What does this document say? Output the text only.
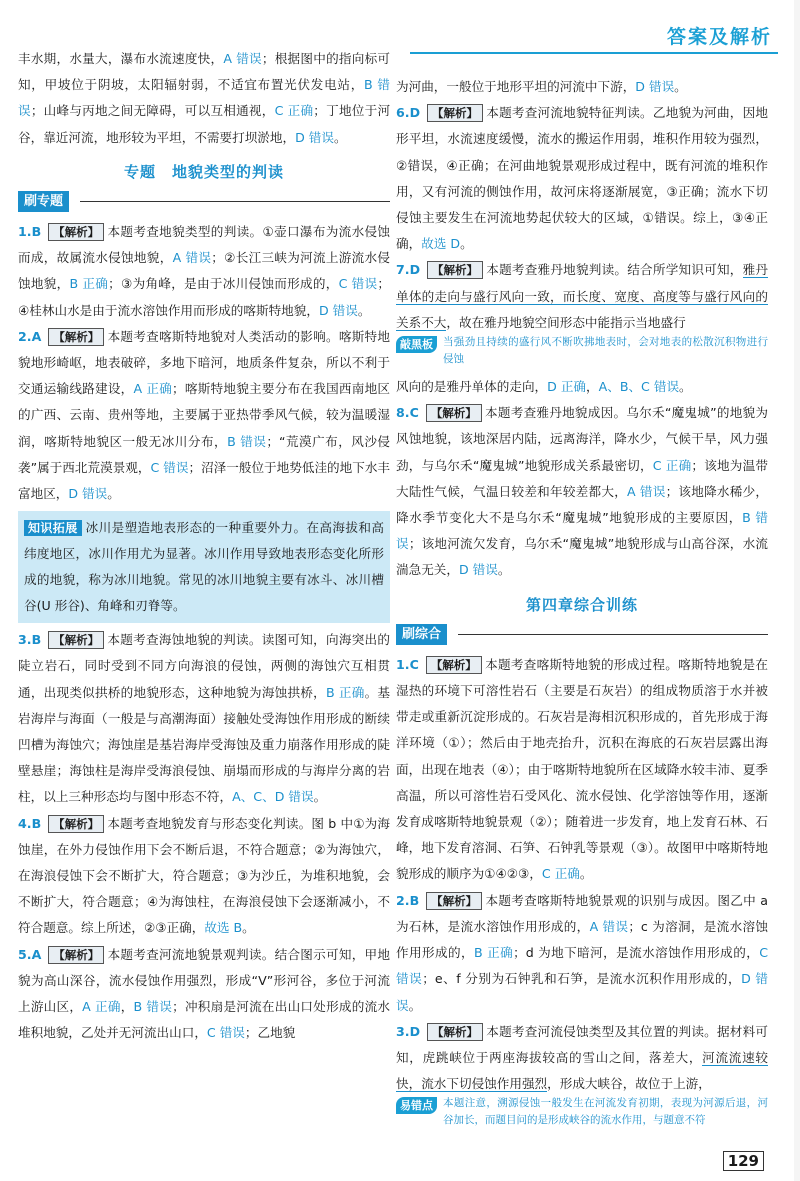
答案及解析

丰水期，水量大，瀑布水流速度快，A 错误；根据图中的指向标可知，甲坡位于阴坡，太阳辐射弱，不适宜布置光伏发电站，B 错误；山峰与丙地之间无障碍，可以互相通视，C 正确；丁地位于河谷，靠近河流，地形较为平坦，不需要打坝淤地，D 错误。

专题　地貌类型的判读
刷专题

1.B 【解析】 本题考查地貌类型的判读。①壶口瀑布为流水侵蚀而成，故属流水侵蚀地貌，A 错误；②长江三峡为河流上游流水侵蚀地貌，B 正确；③为角峰，是由于冰川侵蚀而形成的，C 错误；④桂林山水是由于流水溶蚀作用而形成的喀斯特地貌，D 错误。

2.A 【解析】 本题考查喀斯特地貌对人类活动的影响。喀斯特地貌地形崎岖，地表破碎，多地下暗河，地质条件复杂，所以不利于交通运输线路建设，A 正确；喀斯特地貌主要分布在我国西南地区的广西、云南、贵州等地，主要属于亚热带季风气候，较为温暖湿润，喀斯特地貌区一般无冰川分布，B 错误；“荒漠广布，风沙侵袭”属于西北荒漠景观，C 错误；沼泽一般位于地势低洼的地下水丰富地区，D 错误。

知识拓展 冰川是塑造地表形态的一种重要外力。在高海拔和高纬度地区，冰川作用尤为显著。冰川作用导致地表形态变化所形成的地貌，称为冰川地貌。常见的冰川地貌主要有冰斗、冰川槽谷(U 形谷)、角峰和刃脊等。

3.B 【解析】 本题考查海蚀地貌的判读。读图可知，向海突出的陡立岩石，同时受到不同方向海浪的侵蚀，两侧的海蚀穴互相贯通，出现类似拱桥的地貌形态，这种地貌为海蚀拱桥，B 正确。基岩海岸与海面（一般是与高潮海面）接触处受海蚀作用形成的断续凹槽为海蚀穴；海蚀崖是基岩海岸受海蚀及重力崩落作用形成的陡壁悬崖；海蚀柱是海岸受海浪侵蚀、崩塌而形成的与海岸分离的岩柱，以上三种形态均与图中形态不符，A、C、D 错误。

4.B 【解析】 本题考查地貌发育与形态变化判读。图 b 中①为海蚀崖，在外力侵蚀作用下会不断后退，不符合题意；②为海蚀穴，在海浪侵蚀下会不断扩大，符合题意；③为沙丘，为堆积地貌，会不断扩大，符合题意；④为海蚀柱，在海浪侵蚀下会逐渐减小，不符合题意。综上所述，②③正确，故选 B。

5.A 【解析】 本题考查河流地貌景观判读。结合图示可知，甲地貌为高山深谷，流水侵蚀作用强烈，形成“V”形河谷，多位于河流上游山区，A 正确，B 错误；冲积扇是河流在出山口处形成的流水堆积地貌，乙处并无河流出山口，C 错误；乙地貌

为河曲，一般位于地形平坦的河流中下游，D 错误。

6.D 【解析】 本题考查河流地貌特征判读。乙地貌为河曲，因地形平坦，水流速度缓慢，流水的搬运作用弱，堆积作用较为强烈，②错误，④正确；在河曲地貌景观形成过程中，既有河流的堆积作用，又有河流的侧蚀作用，故河床将逐渐展宽，③正确；流水下切侵蚀主要发生在河流地势起伏较大的区域，①错误。综上，③④正确，故选 D。

7.D 【解析】 本题考查雅丹地貌判读。结合所学知识可知，雅丹单体的走向与盛行风向一致，而长度、宽度、高度等与盛行风向的关系不大，故在雅丹地貌空间形态中能指示当地盛行

敲黑板 当强劲且持续的盛行风不断吹拂地表时，会对地表的松散沉积物进行侵蚀

风向的是雅丹单体的走向，D 正确，A、B、C 错误。

8.C 【解析】 本题考查雅丹地貌成因。乌尔禾“魔鬼城”的地貌为风蚀地貌，该地深居内陆，远离海洋，降水少，气候干旱，风力强劲，与乌尔禾“魔鬼城”地貌形成关系最密切，C 正确；该地为温带大陆性气候，气温日较差和年较差都大，A 错误；该地降水稀少，降水季节变化大不是乌尔禾“魔鬼城”地貌形成的主要原因，B 错误；该地河流欠发育，乌尔禾“魔鬼城”地貌形成与山高谷深，水流湍急无关，D 错误。

第四章综合训练
刷综合

1.C 【解析】 本题考查喀斯特地貌的形成过程。喀斯特地貌是在湿热的环境下可溶性岩石（主要是石灰岩）的组成物质溶于水并被带走或重新沉淀形成的。石灰岩是海相沉积形成的，首先形成于海洋环境（①）；然后由于地壳抬升，沉积在海底的石灰岩层露出海面，出现在地表（④）；由于喀斯特地貌所在区域降水较丰沛、夏季高温，所以可溶性岩石受风化、流水侵蚀、化学溶蚀等作用，逐渐发育成喀斯特地貌景观（②）；随着进一步发育，地上发育石林、石峰，地下发育溶洞、石笋、石钟乳等景观（③）。故图甲中喀斯特地貌形成的顺序为①④②③，C 正确。

2.B 【解析】 本题考查喀斯特地貌景观的识别与成因。图乙中 a 为石林，是流水溶蚀作用形成的，A 错误；c 为溶洞，是流水溶蚀作用形成的，B 正确；d 为地下暗河，是流水溶蚀作用形成的，C 错误；e、f 分别为石钟乳和石笋，是流水沉积作用形成的，D 错误。

3.D 【解析】 本题考查河流侵蚀类型及其位置的判读。据材料可知，虎跳峡位于两座海拔较高的雪山之间，落差大，河流流速较快，流水下切侵蚀作用强烈，形成大峡谷，故位于上游，

易错点 本题注意，溯源侵蚀一般发生在河流发育初期，表现为河源后退，河谷加长，而题目问的是形成峡谷的流水作用，与题意不符
129
